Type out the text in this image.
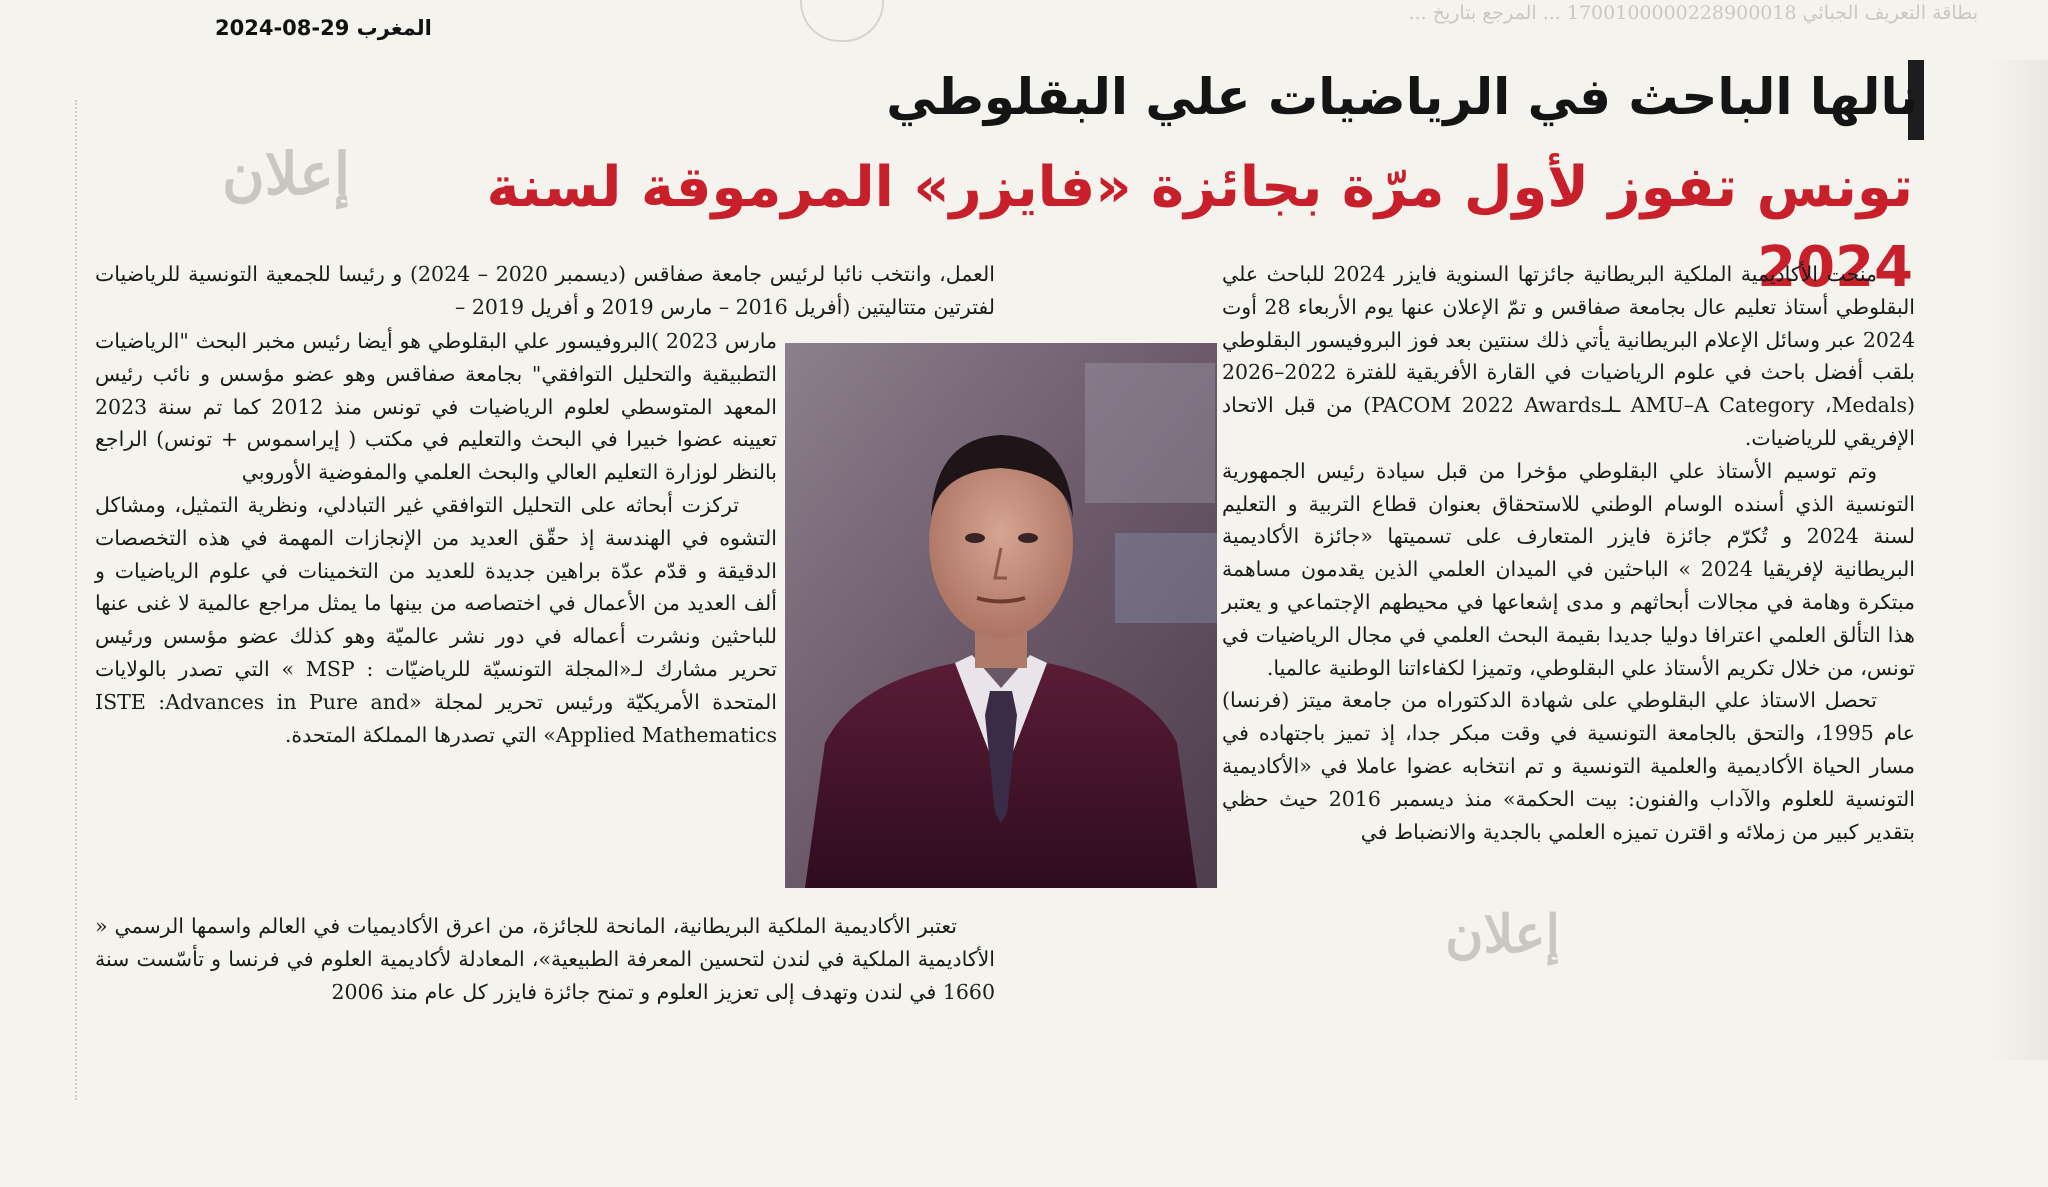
بطاقة التعريف الجبائي 1700100000228900018 ... المرجع بتاريخ ...
إعلان
إعلان
المغرب 29-08-2024
نالها الباحث في الرياضيات علي البقلوطي
تونس تفوز لأول مرّة بجائزة «فايزر» المرموقة لسنة 2024

منحت الأكاديمية الملكية البريطانية جائزتها السنوية فايزر 2024 للباحث علي البقلوطي أستاذ تعليم عال بجامعة صفاقس و تمّ الإعلان عنها يوم الأربعاء 28 أوت 2024 عبر وسائل الإعلام البريطانية يأتي ذلك سنتين بعد فوز البروفيسور البقلوطي بلقب أفضل باحث في علوم الرياضيات في القارة الأفريقية للفترة 2022–2026 (AMU–A Category ،Medals ـلـPACOM 2022 Awards) من قبل الاتحاد الإفريقي للرياضيات.

وتم توسيم الأستاذ علي البقلوطي مؤخرا من قبل سيادة رئيس الجمهورية التونسية الذي أسنده الوسام الوطني للاستحقاق بعنوان قطاع التربية و التعليم لسنة 2024 و تُكرّم جائزة فايزر المتعارف على تسميتها «جائزة الأكاديمية البريطانية لإفريقيا 2024 » الباحثين في الميدان العلمي الذين يقدمون مساهمة مبتكرة وهامة في مجالات أبحاثهم و مدى إشعاعها في محيطهم الإجتماعي و يعتبر هذا التألق العلمي اعترافا دوليا جديدا بقيمة البحث العلمي في مجال الرياضيات في تونس، من خلال تكريم الأستاذ علي البقلوطي، وتميزا لكفاءاتنا الوطنية عالميا.

تحصل الاستاذ علي البقلوطي على شهادة الدكتوراه من جامعة ميتز (فرنسا) عام 1995، والتحق بالجامعة التونسية في وقت مبكر جدا، إذ تميز باجتهاده في مسار الحياة الأكاديمية والعلمية التونسية و تم انتخابه عضوا عاملا في «الأكاديمية التونسية للعلوم والآداب والفنون: بيت الحكمة» منذ ديسمبر 2016 حيث حظي بتقدير كبير من زملائه و اقترن تميزه العلمي بالجدية والانضباط في

العمل، وانتخب نائبا لرئيس جامعة صفاقس (ديسمبر 2020 – 2024) و رئيسا للجمعية التونسية للرياضيات لفترتين متتاليتين (أفريل 2016 – مارس 2019 و أفريل 2019 –

مارس 2023 )البروفيسور علي البقلوطي هو أيضا رئيس مخبر البحث "الرياضيات التطبيقية والتحليل التوافقي" بجامعة صفاقس وهو عضو مؤسس و نائب رئيس المعهد المتوسطي لعلوم الرياضيات في تونس منذ 2012 كما تم سنة 2023 تعيينه عضوا خبيرا في البحث والتعليم في مكتب ( إيراسموس + تونس) الراجع بالنظر لوزارة التعليم العالي والبحث العلمي والمفوضية الأوروبي

تركزت أبحاثه على التحليل التوافقي غير التبادلي، ونظرية التمثيل، ومشاكل التشوه في الهندسة إذ حقّق العديد من الإنجازات المهمة في هذه التخصصات الدقيقة و قدّم عدّة براهين جديدة للعديد من التخمينات في علوم الرياضيات و ألف العديد من الأعمال في اختصاصه من بينها ما يمثل مراجع عالمية لا غنى عنها للباحثين ونشرت أعماله في دور نشر عالميّة وهو كذلك عضو مؤسس ورئيس تحرير مشارك لـ«المجلة التونسيّة للرياضيّات : MSP » التي تصدر بالولايات المتحدة الأمريكيّة ورئيس تحرير لمجلة «ISTE :Advances in Pure and Applied Mathematics» التي تصدرها المملكة المتحدة.

تعتبر الأكاديمية الملكية البريطانية، المانحة للجائزة، من اعرق الأكاديميات في العالم واسمها الرسمي « الأكاديمية الملكية في لندن لتحسين المعرفة الطبيعية»، المعادلة لأكاديمية العلوم في فرنسا و تأسّست سنة 1660 في لندن وتهدف إلى تعزيز العلوم و تمنح جائزة فايزر كل عام منذ 2006
